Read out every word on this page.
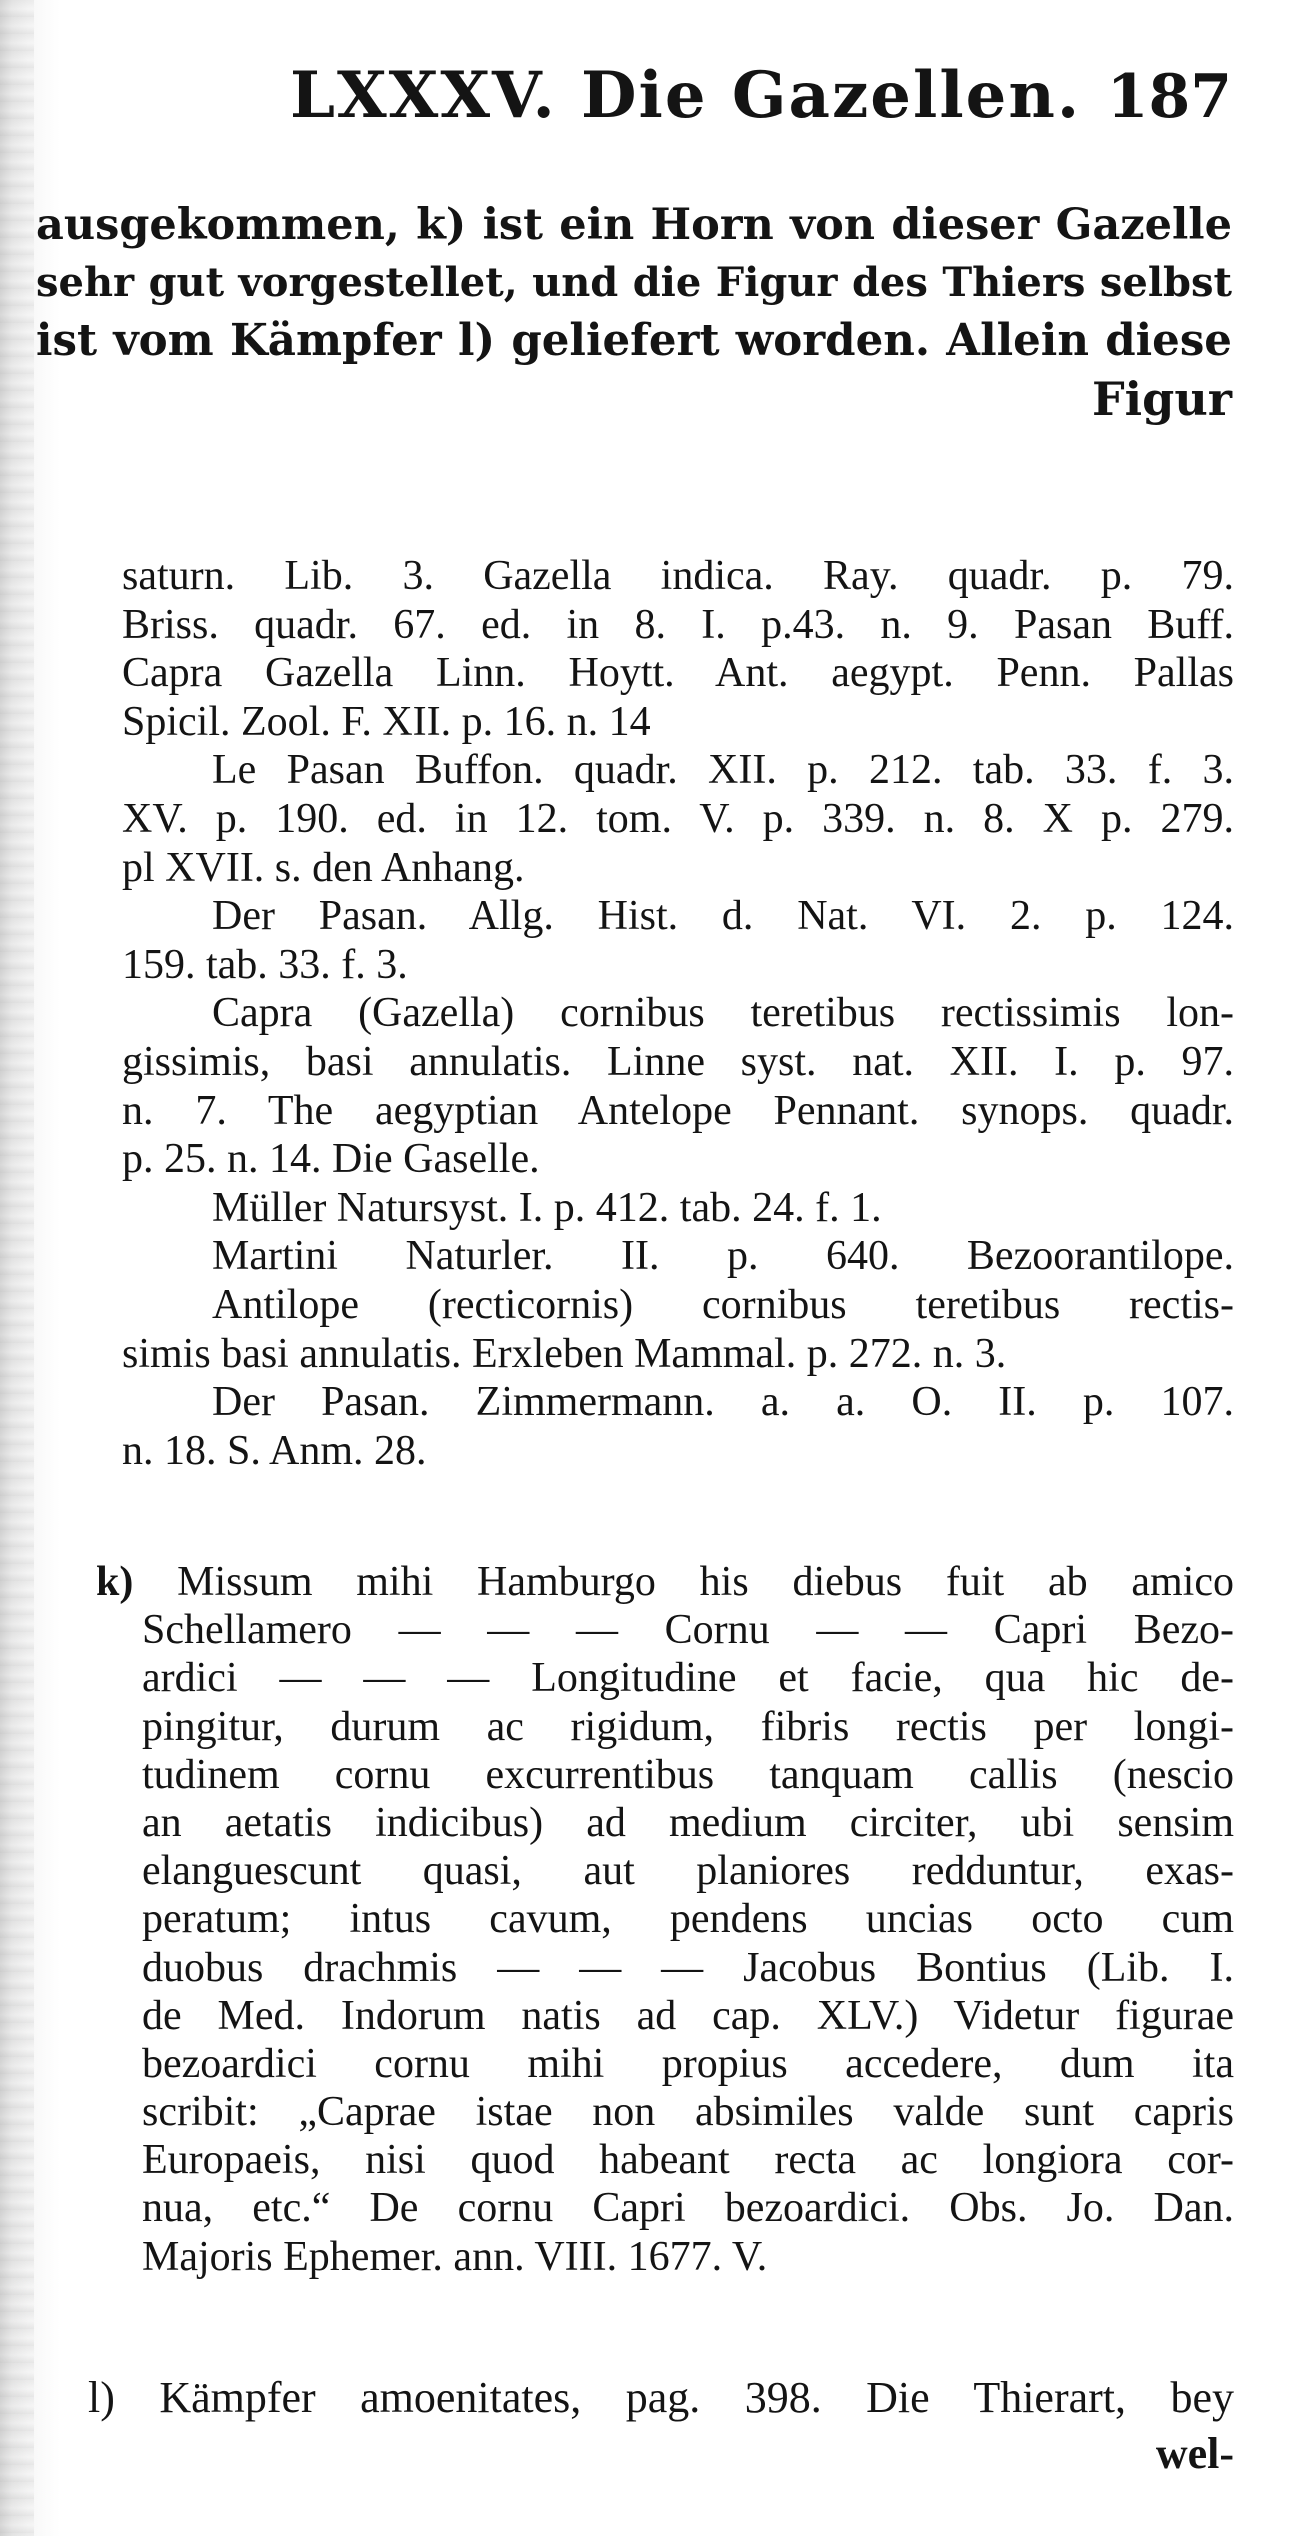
LXXXV. Die Gazellen. 187
ausgekommen, k) ist ein Horn von dieser Gazelle
sehr gut vorgestellet, und die Figur des Thiers selbst
ist vom Kämpfer l) geliefert worden. Allein diese
Figur
saturn. Lib. 3. Gazella indica. Ray. quadr. p. 79.
Briss. quadr. 67. ed. in 8. I. p.43. n. 9. Pasan Buff.
Capra Gazella Linn. Hoytt. Ant. aegypt. Penn. Pallas
Spicil. Zool. F. XII. p. 16. n. 14
Le Pasan Buffon. quadr. XII. p. 212. tab. 33. f. 3.
XV. p. 190. ed. in 12. tom. V. p. 339. n. 8. X p. 279.
pl XVII. s. den Anhang.
Der Pasan. Allg. Hist. d. Nat. VI. 2. p. 124.
159. tab. 33. f. 3.
Capra (Gazella) cornibus teretibus rectissimis lon-
gissimis, basi annulatis. Linne syst. nat. XII. I. p. 97.
n. 7. The aegyptian Antelope Pennant. synops. quadr.
p. 25. n. 14. Die Gaselle.
Müller Natursyst. I. p. 412. tab. 24. f. 1.
Martini Naturler. II. p. 640. Bezoorantilope.
Antilope (recticornis) cornibus teretibus rectis-
simis basi annulatis. Erxleben Mammal. p. 272. n. 3.
Der Pasan. Zimmermann. a. a. O. II. p. 107.
n. 18. S. Anm. 28.
k) Missum mihi Hamburgo his diebus fuit ab amico
Schellamero — — — Cornu — — Capri Bezo-
ardici — — — Longitudine et facie, qua hic de-
pingitur, durum ac rigidum, fibris rectis per longi-
tudinem cornu excurrentibus tanquam callis (nescio
an aetatis indicibus) ad medium circiter, ubi sensim
elanguescunt quasi, aut planiores redduntur, exas-
peratum; intus cavum, pendens uncias octo cum
duobus drachmis — — — Jacobus Bontius (Lib. I.
de Med. Indorum natis ad cap. XLV.) Videtur figurae
bezoardici cornu mihi propius accedere, dum ita
scribit: „Caprae istae non absimiles valde sunt capris
Europaeis, nisi quod habeant recta ac longiora cor-
nua, etc.“ De cornu Capri bezoardici. Obs. Jo. Dan.
Majoris Ephemer. ann. VIII. 1677. V.
l) Kämpfer amoenitates, pag. 398. Die Thierart, bey
wel-
